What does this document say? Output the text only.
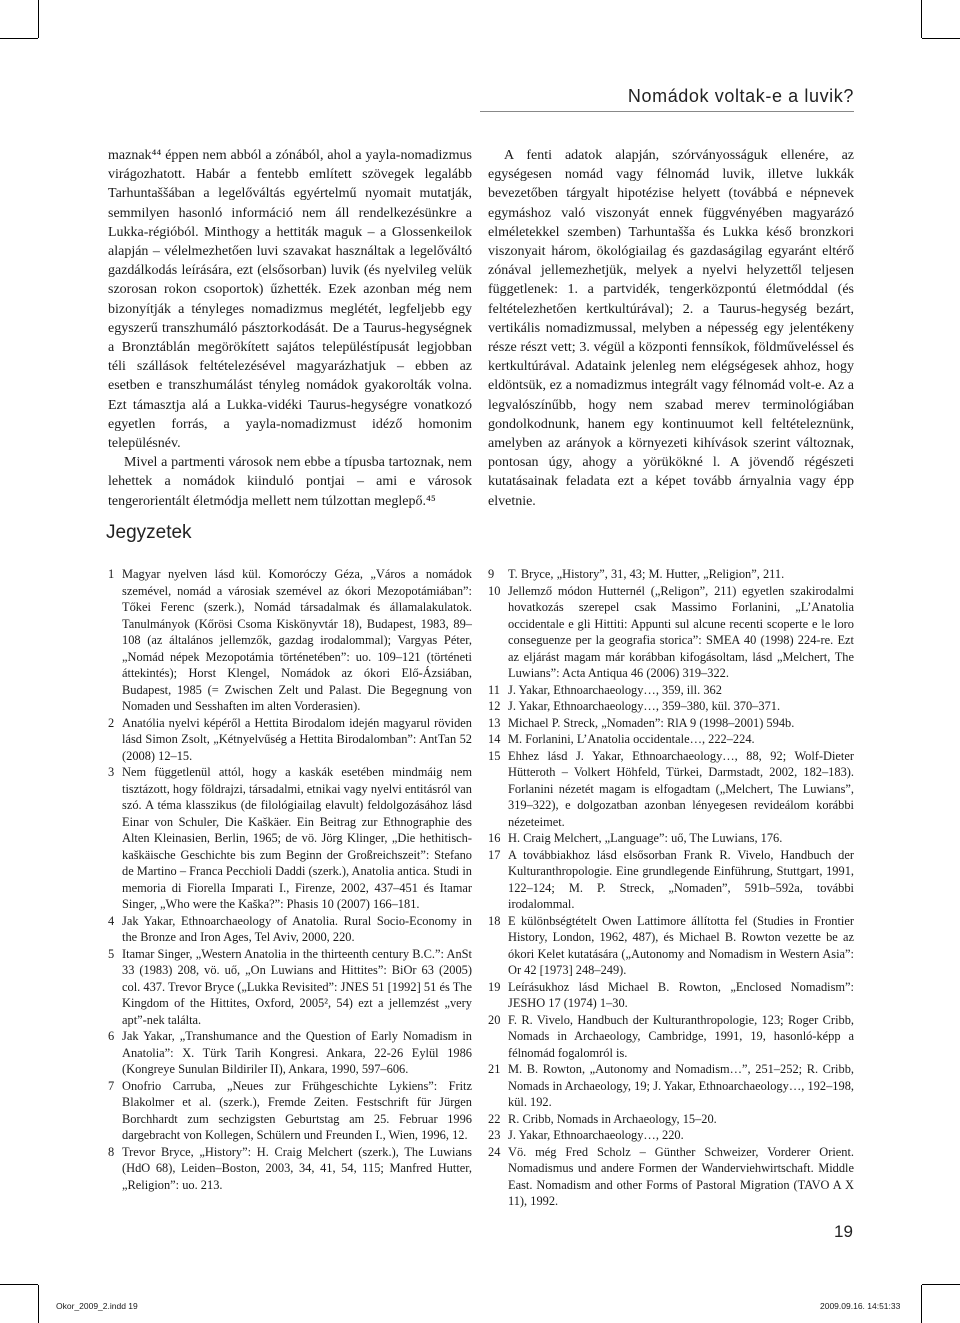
Nomádok voltak-e a luvik?

maznak⁴⁴ éppen nem abból a zónából, ahol a yayla-nomadizmus virágozhatott. Habár a fentebb említett szövegek legalább Tarhuntaššában a legelőváltás egyértelmű nyomait mutatják, semmilyen hasonló információ nem áll rendelkezésünkre a Lukka-régióból. Minthogy a hettiták maguk – a Glossenkeilok alapján – vélelmezhetően luvi szavakat használtak a legelőváltó gazdálkodás leírására, ezt (elsősorban) luvik (és nyelvileg velük szorosan rokon csoportok) űzhették. Ezek azonban még nem bizonyítják a tényleges nomadizmus meglétét, legfeljebb egy egyszerű transzhumáló pásztorkodását. De a Taurus-hegységnek a Bronztáblán megörökített sajátos településtípusát legjobban téli szállások feltételezésével magyarázhatjuk – ebben az esetben e transzhumálást tényleg nomádok gyakorolták volna. Ezt támasztja alá a Lukka-vidéki Taurus-hegységre vonatkozó egyetlen forrás, a yayla-nomadizmust idéző homonim településnév.

Mivel a partmenti városok nem ebbe a típusba tartoznak, nem lehettek a nomádok kiinduló pontjai – ami e városok tengerorientált életmódja mellett nem túlzottan meglepő.⁴⁵

A fenti adatok alapján, szórványosságuk ellenére, az egységesen nomád vagy félnomád luvik, illetve lukkák bevezetőben tárgyalt hipotézise helyett (továbbá e népnevek egymáshoz való viszonyát ennek függvényében magyarázó elméletekkel szemben) Tarhuntašša és Lukka késő bronzkori viszonyait három, ökológiailag és gazdaságilag egyaránt eltérő zónával jellemezhetjük, melyek a nyelvi helyzettől teljesen függetlenek: 1. a partvidék, tengerközpontú életmóddal (és feltételezhetően kertkultúrával); 2. a Taurus-hegység bezárt, vertikális nomadizmussal, melyben a népesség egy jelentékeny része részt vett; 3. végül a központi fennsíkok, földműveléssel és kertkultúrával. Adataink jelenleg nem elégségesek ahhoz, hogy eldöntsük, ez a nomadizmus integrált vagy félnomád volt-e. Az a legvalószínűbb, hogy nem szabad merev terminológiában gondolkodnunk, hanem egy kontinuumot kell feltételeznünk, amelyben az arányok a környezeti kihívások szerint változnak, pontosan úgy, ahogy a yörükökné l. A jövendő régészeti kutatásainak feladata ezt a képet tovább árnyalnia vagy épp elvetnie.

Jegyzetek
1 Magyar nyelven lásd kül. Komoróczy Géza, „Város a nomádok szemével, nomád a városiak szemével az ókori Mezopotámiában”: Tőkei Ferenc (szerk.), Nomád társadalmak és államalakulatok. Tanulmányok (Kőrösi Csoma Kiskönyvtár 18), Budapest, 1983, 89–108 (az általános jellemzők, gazdag irodalommal); Vargyas Péter, „Nomád népek Mezopotámia történetében”: uo. 109–121 (történeti áttekintés); Horst Klengel, Nomádok az ókori Elő-Ázsiában, Budapest, 1985 (= Zwischen Zelt und Palast. Die Begegnung von Nomaden und Sesshaften im alten Vorderasien).
2 Anatólia nyelvi képéről a Hettita Birodalom idején magyarul röviden lásd Simon Zsolt, „Kétnyelvűség a Hettita Birodalomban”: AntTan 52 (2008) 12–15.
3 Nem függetlenül attól, hogy a kaskák esetében mindmáig nem tisztázott, hogy földrajzi, társadalmi, etnikai vagy nyelvi entitásról van szó. A téma klasszikus (de filológiailag elavult) feldolgozásához lásd Einar von Schuler, Die Kaškäer. Ein Beitrag zur Ethnographie des Alten Kleinasien, Berlin, 1965; de vö. Jörg Klinger, „Die hethitisch-kaškäische Geschichte bis zum Beginn der Großreichszeit”: Stefano de Martino – Franca Pecchioli Daddi (szerk.), Anatolia antica. Studi in memoria di Fiorella Imparati I., Firenze, 2002, 437–451 és Itamar Singer, „Who were the Kaška?”: Phasis 10 (2007) 166–181.
4 Jak Yakar, Ethnoarchaeology of Anatolia. Rural Socio-Economy in the Bronze and Iron Ages, Tel Aviv, 2000, 220.
5 Itamar Singer, „Western Anatolia in the thirteenth century B.C.”: AnSt 33 (1983) 208, vö. uő, „On Luwians and Hittites”: BiOr 63 (2005) col. 437. Trevor Bryce („Lukka Revisited”: JNES 51 [1992] 51 és The Kingdom of the Hittites, Oxford, 2005², 54) ezt a jellemzést „very apt”-nek találta.
6 Jak Yakar, „Transhumance and the Question of Early Nomadism in Anatolia”: X. Türk Tarih Kongresi. Ankara, 22-26 Eylül 1986 (Kongreye Sunulan Bildiriler II), Ankara, 1990, 597–606.
7 Onofrio Carruba, „Neues zur Frühgeschichte Lykiens”: Fritz Blakolmer et al. (szerk.), Fremde Zeiten. Festschrift für Jürgen Borchhardt zum sechzigsten Geburtstag am 25. Februar 1996 dargebracht von Kollegen, Schülern und Freunden I., Wien, 1996, 12.
8 Trevor Bryce, „History”: H. Craig Melchert (szerk.), The Luwians (HdO 68), Leiden–Boston, 2003, 34, 41, 54, 115; Manfred Hutter, „Religion”: uo. 213.
9 T. Bryce, „History”, 31, 43; M. Hutter, „Religion”, 211.
10 Jellemző módon Hutternél („Religon”, 211) egyetlen szakirodalmi hovatkozás szerepel csak Massimo Forlanini, „L’Anatolia occidentale e gli Hittiti: Appunti sul alcune recenti scoperte e le loro conseguenze per la geografia storica”: SMEA 40 (1998) 224-re. Ezt az eljárást magam már korábban kifogásoltam, lásd „Melchert, The Luwians”: Acta Antiqua 46 (2006) 319–322.
11 J. Yakar, Ethnoarchaeology…, 359, ill. 362
12 J. Yakar, Ethnoarchaeology…, 359–380, kül. 370–371.
13 Michael P. Streck, „Nomaden”: RlA 9 (1998–2001) 594b.
14 M. Forlanini, L’Anatolia occidentale…, 222–224.
15 Ehhez lásd J. Yakar, Ethnoarchaeology…, 88, 92; Wolf-Dieter Hütteroth – Volkert Höhfeld, Türkei, Darmstadt, 2002, 182–183). Forlanini nézetét magam is elfogadtam („Melchert, The Luwians”, 319–322), e dolgozatban azonban lényegesen revideálom korábbi nézeteimet.
16 H. Craig Melchert, „Language”: uő, The Luwians, 176.
17 A továbbiakhoz lásd elsősorban Frank R. Vivelo, Handbuch der Kulturanthropologie. Eine grundlegende Einführung, Stuttgart, 1991, 122–124; M. P. Streck, „Nomaden”, 591b–592a, további irodalommal.
18 E különbségtételt Owen Lattimore állította fel (Studies in Frontier History, London, 1962, 487), és Michael B. Rowton vezette be az ókori Kelet kutatására („Autonomy and Nomadism in Western Asia”: Or 42 [1973] 248–249).
19 Leírásukhoz lásd Michael B. Rowton, „Enclosed Nomadism”: JESHO 17 (1974) 1–30.
20 F. R. Vivelo, Handbuch der Kulturanthropologie, 123; Roger Cribb, Nomads in Archaeology, Cambridge, 1991, 19, hasonló-képp a félnomád fogalomról is.
21 M. B. Rowton, „Autonomy and Nomadism…”, 251–252; R. Cribb, Nomads in Archaeology, 19; J. Yakar, Ethnoarchaeology…, 192–198, kül. 192.
22 R. Cribb, Nomads in Archaeology, 15–20.
23 J. Yakar, Ethnoarchaeology…, 220.
24 Vö. még Fred Scholz – Günther Schweizer, Vorderer Orient. Nomadismus und andere Formen der Wanderviehwirtschaft. Middle East. Nomadism and other Forms of Pastoral Migration (TAVO A X 11), 1992.
19
Okor_2009_2.indd 19	2009.09.16. 14:51:33
